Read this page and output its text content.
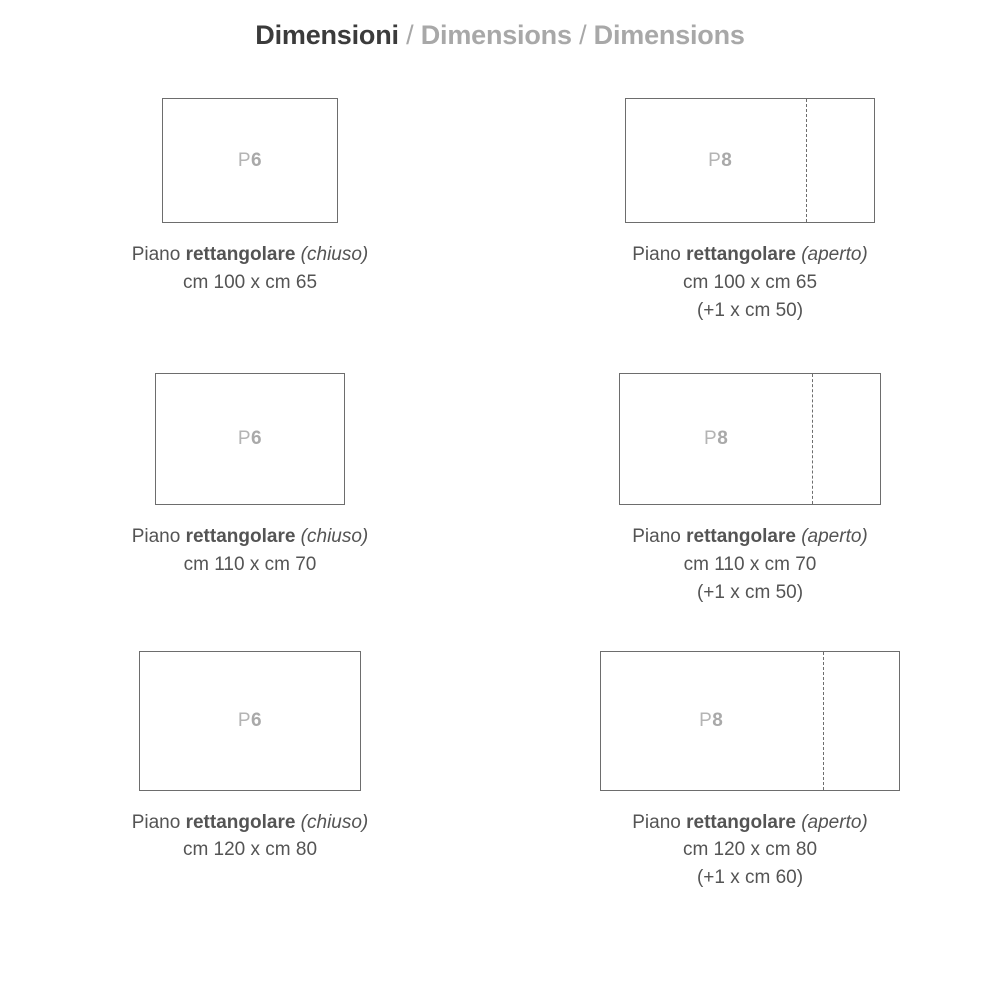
Dimensioni / Dimensions / Dimensions
P6
Piano rettangolare (chiuso)
cm 100 x cm 65
P8
Piano rettangolare (aperto)
cm 100 x cm 65
(+1 x cm 50)
P6
Piano rettangolare (chiuso)
cm 110 x cm 70
P8
Piano rettangolare (aperto)
cm 110 x cm 70
(+1 x cm 50)
P6
Piano rettangolare (chiuso)
cm 120 x cm 80
P8
Piano rettangolare (aperto)
cm 120 x cm 80
(+1 x cm 60)
